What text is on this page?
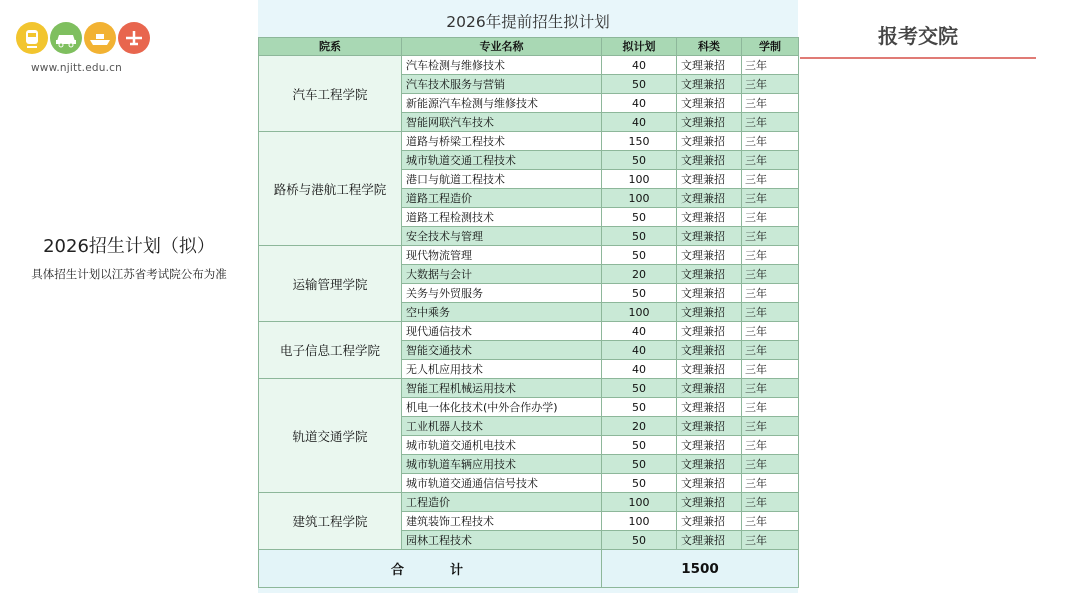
www.njitt.edu.cn
2026招生计划（拟）
具体招生计划以江苏省考试院公布为准
报考交院
2026年提前招生拟计划
院系	专业名称	拟计划	科类	学制
汽车工程学院
汽车检测与维修技术	40	文理兼招	三年
汽车技术服务与营销	50	文理兼招	三年
新能源汽车检测与维修技术	40	文理兼招	三年
智能网联汽车技术	40	文理兼招	三年
路桥与港航工程学院
道路与桥梁工程技术	150	文理兼招	三年
城市轨道交通工程技术	50	文理兼招	三年
港口与航道工程技术	100	文理兼招	三年
道路工程造价	100	文理兼招	三年
道路工程检测技术	50	文理兼招	三年
安全技术与管理	50	文理兼招	三年
运输管理学院
现代物流管理	50	文理兼招	三年
大数据与会计	20	文理兼招	三年
关务与外贸服务	50	文理兼招	三年
空中乘务	100	文理兼招	三年
电子信息工程学院
现代通信技术	40	文理兼招	三年
智能交通技术	40	文理兼招	三年
无人机应用技术	40	文理兼招	三年
轨道交通学院
智能工程机械运用技术	50	文理兼招	三年
机电一体化技术(中外合作办学)	50	文理兼招	三年
工业机器人技术	20	文理兼招	三年
城市轨道交通机电技术	50	文理兼招	三年
城市轨道车辆应用技术	50	文理兼招	三年
城市轨道交通通信信号技术	50	文理兼招	三年
建筑工程学院
工程造价	100	文理兼招	三年
建筑装饰工程技术	100	文理兼招	三年
园林工程技术	50	文理兼招	三年
合计	1500
